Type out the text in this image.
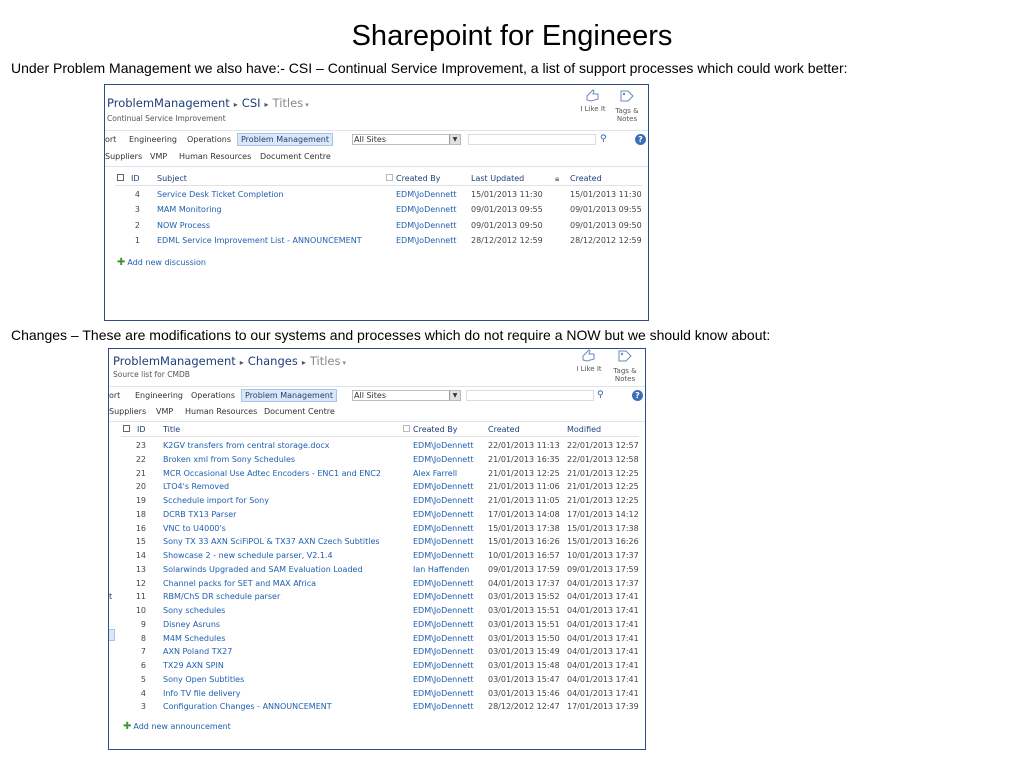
Sharepoint for Engineers
Under Problem Management we also have:- CSI – Continual Service Improvement, a list of support processes which could work better:
ProblemManagement ▸ CSI ▸ Titles ▾
Continual Service Improvement
I Like It	Tags &
Notes
ort Engineering Operations	Problem Management	All Sites	▼	⚲	?
Suppliers VMP Human Resources Document Centre
ID Subject	Created By	Last Updated	🔒︎ Created
4 Service Desk Ticket Completion	EDM\JoDennett 15/01/2013 11:30	15/01/2013 11:30
3 MAM Monitoring	EDM\JoDennett 09/01/2013 09:55	09/01/2013 09:55
2 NOW Process	EDM\JoDennett 09/01/2013 09:50	09/01/2013 09:50
1 EDML Service Improvement List - ANNOUNCEMENT	EDM\JoDennett 28/12/2012 12:59	28/12/2012 12:59
✚ Add new discussion
Changes – These are modifications to our systems and processes which do not require a NOW but we should know about:
ProblemManagement ▸ Changes ▸ Titles ▾
Source list for CMDB
I Like It	Tags &
Notes
ort Engineering Operations	Problem Management	All Sites	▼	⚲	?
Suppliers VMP Human Resources Document Centre
t
ID Title	Created By	Created	Modified
23 K2GV transfers from central storage.docx	EDM\JoDennett 22/01/2013 11:13 22/01/2013 12:57
22 Broken xml from Sony Schedules	EDM\JoDennett 21/01/2013 16:35 22/01/2013 12:58
21 MCR Occasional Use Adtec Encoders - ENC1 and ENC2	Alex Farrell	21/01/2013 12:25 21/01/2013 12:25
20 LTO4's Removed	EDM\JoDennett 21/01/2013 11:06 21/01/2013 12:25
19 Scchedule import for Sony	EDM\JoDennett 21/01/2013 11:05 21/01/2013 12:25
18 DCRB TX13 Parser	EDM\JoDennett 17/01/2013 14:08 17/01/2013 14:12
16 VNC to U4000's	EDM\JoDennett 15/01/2013 17:38 15/01/2013 17:38
15 Sony TX 33 AXN SciFiPOL & TX37 AXN Czech Subtitles	EDM\JoDennett 15/01/2013 16:26 15/01/2013 16:26
14 Showcase 2 - new schedule parser, V2.1.4	EDM\JoDennett 10/01/2013 16:57 10/01/2013 17:37
13 Solarwinds Upgraded and SAM Evaluation Loaded	Ian Haffenden 09/01/2013 17:59 09/01/2013 17:59
12 Channel packs for SET and MAX Africa	EDM\JoDennett 04/01/2013 17:37 04/01/2013 17:37
11 RBM/ChS DR schedule parser	EDM\JoDennett 03/01/2013 15:52 04/01/2013 17:41
10 Sony schedules	EDM\JoDennett 03/01/2013 15:51 04/01/2013 17:41
9 Disney Asruns	EDM\JoDennett 03/01/2013 15:51 04/01/2013 17:41
8 M4M Schedules	EDM\JoDennett 03/01/2013 15:50 04/01/2013 17:41
7 AXN Poland TX27	EDM\JoDennett 03/01/2013 15:49 04/01/2013 17:41
6 TX29 AXN SPIN	EDM\JoDennett 03/01/2013 15:48 04/01/2013 17:41
5 Sony Open Subtitles	EDM\JoDennett 03/01/2013 15:47 04/01/2013 17:41
4 Info TV file delivery	EDM\JoDennett 03/01/2013 15:46 04/01/2013 17:41
3 Configuration Changes - ANNOUNCEMENT	EDM\JoDennett 28/12/2012 12:47 17/01/2013 17:39
✚ Add new announcement
